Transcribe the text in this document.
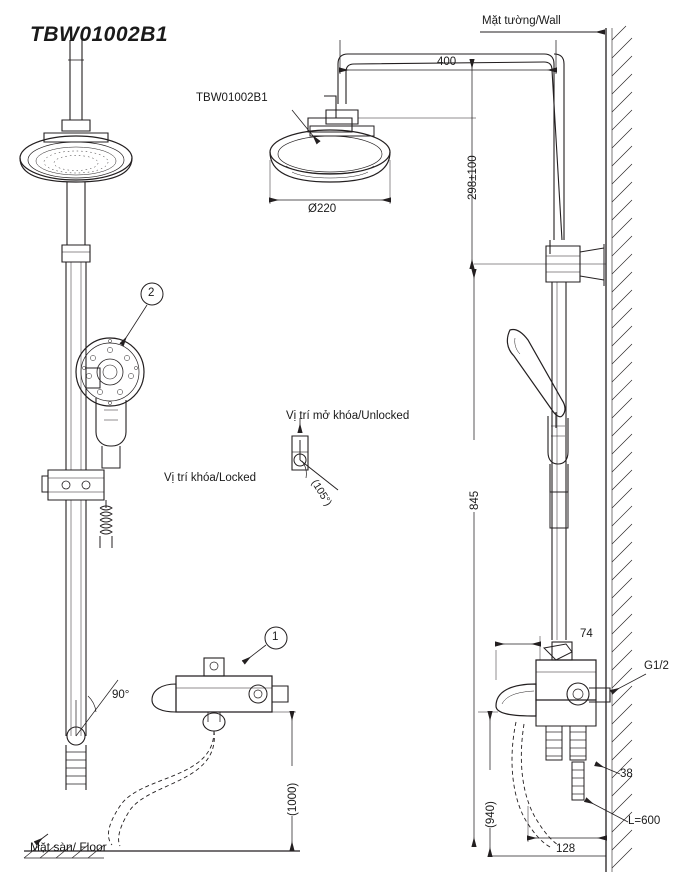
TBW01002B1
Mặt tường/Wall
Mặt sàn/ Floor
TBW01002B1
Vị trí khóa/Locked
Vị trí mở khóa/Unlocked
(105°)
90°
400
Ø220
298±100
845
(1000)	(940)
74
38
128
L=600
G1/2
1
2
